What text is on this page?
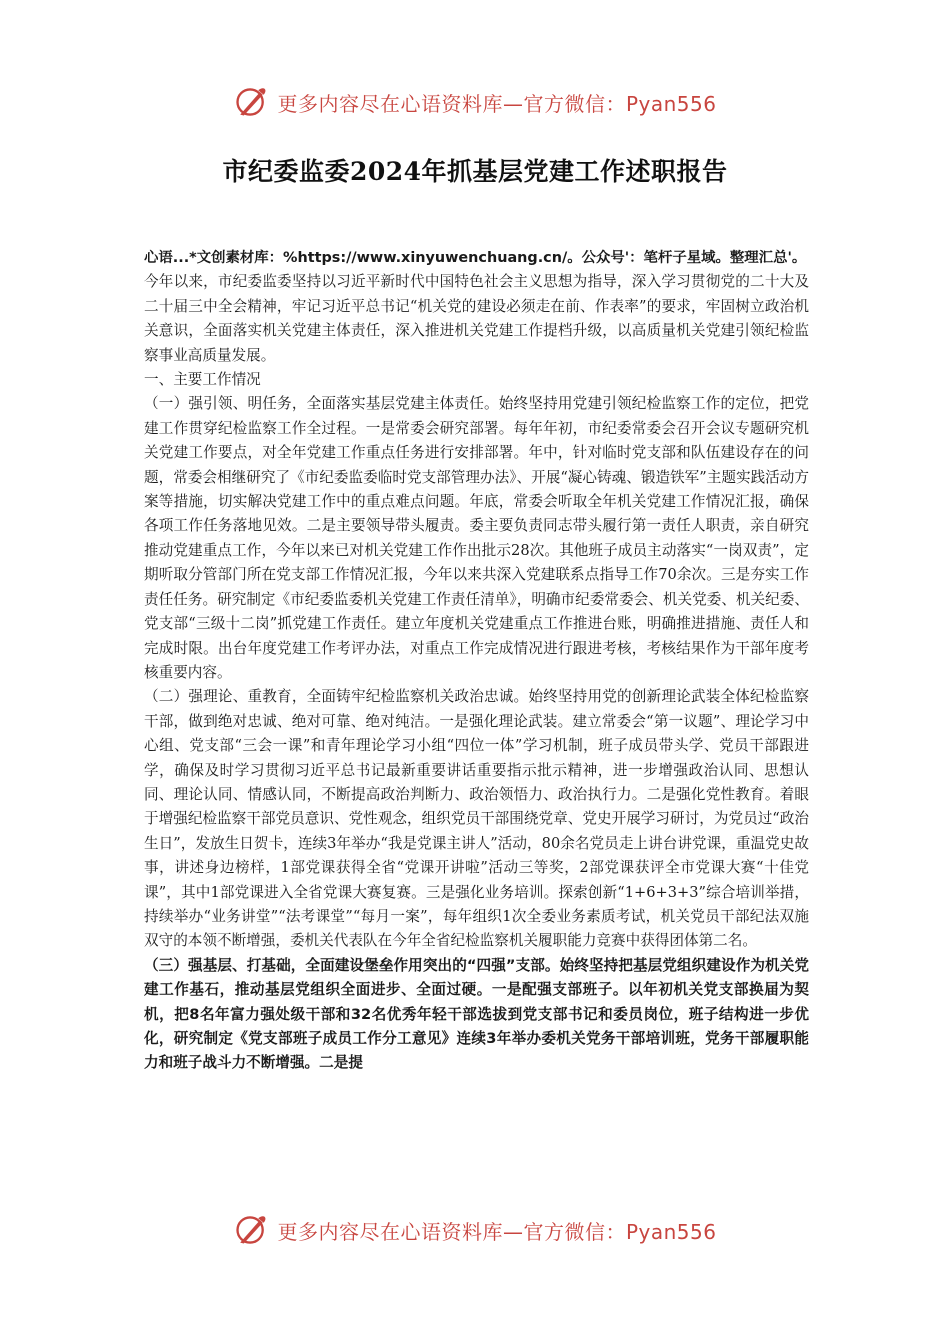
更多内容尽在心语资料库—官方微信：Pyan556
市纪委监委2024年抓基层党建工作述职报告

心语...*文创素材库：%https://www.xinyuwenchuang.cn/。公众号'：笔杆子星域。整理汇总'。

今年以来，市纪委监委坚持以习近平新时代中国特色社会主义思想为指导，深入学习贯彻党的二十大及二十届三中全会精神，牢记习近平总书记“机关党的建设必须走在前、作表率”的要求，牢固树立政治机关意识，全面落实机关党建主体责任，深入推进机关党建工作提档升级，以高质量机关党建引领纪检监察事业高质量发展。

一、主要工作情况

（一）强引领、明任务，全面落实基层党建主体责任。始终坚持用党建引领纪检监察工作的定位，把党建工作贯穿纪检监察工作全过程。一是常委会研究部署。每年年初，市纪委常委会召开会议专题研究机关党建工作要点，对全年党建工作重点任务进行安排部署。年中，针对临时党支部和队伍建设存在的问题，常委会相继研究了《市纪委监委临时党支部管理办法》、开展“凝心铸魂、锻造铁军”主题实践活动方案等措施，切实解决党建工作中的重点难点问题。年底，常委会听取全年机关党建工作情况汇报，确保各项工作任务落地见效。二是主要领导带头履责。委主要负责同志带头履行第一责任人职责，亲自研究推动党建重点工作，今年以来已对机关党建工作作出批示28次。其他班子成员主动落实“一岗双责”，定期听取分管部门所在党支部工作情况汇报，今年以来共深入党建联系点指导工作70余次。三是夯实工作责任任务。研究制定《市纪委监委机关党建工作责任清单》，明确市纪委常委会、机关党委、机关纪委、党支部“三级十二岗”抓党建工作责任。建立年度机关党建重点工作推进台账，明确推进措施、责任人和完成时限。出台年度党建工作考评办法，对重点工作完成情况进行跟进考核，考核结果作为干部年度考核重要内容。

（二）强理论、重教育，全面铸牢纪检监察机关政治忠诚。始终坚持用党的创新理论武装全体纪检监察干部，做到绝对忠诚、绝对可靠、绝对纯洁。一是强化理论武装。建立常委会“第一议题”、理论学习中心组、党支部“三会一课”和青年理论学习小组“四位一体”学习机制，班子成员带头学、党员干部跟进学，确保及时学习贯彻习近平总书记最新重要讲话重要指示批示精神，进一步增强政治认同、思想认同、理论认同、情感认同，不断提高政治判断力、政治领悟力、政治执行力。二是强化党性教育。着眼于增强纪检监察干部党员意识、党性观念，组织党员干部围绕党章、党史开展学习研讨，为党员过“政治生日”，发放生日贺卡，连续3年举办“我是党课主讲人”活动，80余名党员走上讲台讲党课，重温党史故事，讲述身边榜样，1部党课获得全省“党课开讲啦”活动三等奖，2部党课获评全市党课大赛“十佳党课”，其中1部党课进入全省党课大赛复赛。三是强化业务培训。探索创新“1+6+3+3”综合培训举措，持续举办“业务讲堂”“法考课堂”“每月一案”，每年组织1次全委业务素质考试，机关党员干部纪法双施双守的本领不断增强，委机关代表队在今年全省纪检监察机关履职能力竞赛中获得团体第二名。

（三）强基层、打基础，全面建设堡垒作用突出的“四强”支部。始终坚持把基层党组织建设作为机关党建工作基石，推动基层党组织全面进步、全面过硬。一是配强支部班子。以年初机关党支部换届为契机，把8名年富力强处级干部和32名优秀年轻干部选拔到党支部书记和委员岗位，班子结构进一步优化，研究制定《党支部班子成员工作分工意见》连续3年举办委机关党务干部培训班，党务干部履职能力和班子战斗力不断增强。二是提

更多内容尽在心语资料库—官方微信：Pyan556
